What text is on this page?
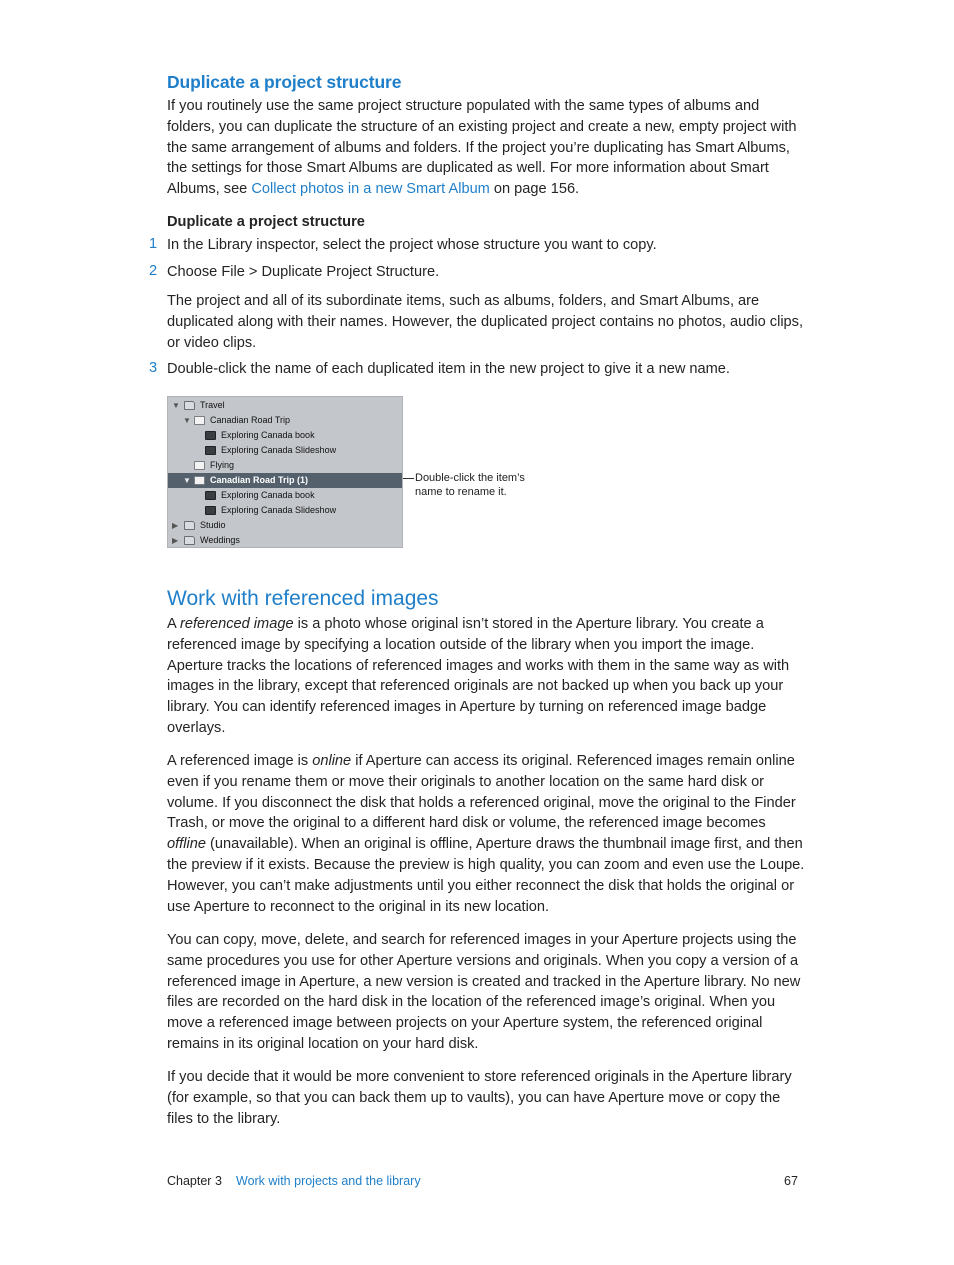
Duplicate a project structure
If you routinely use the same project structure populated with the same types of albums and folders, you can duplicate the structure of an existing project and create a new, empty project with the same arrangement of albums and folders. If the project you’re duplicating has Smart Albums, the settings for those Smart Albums are duplicated as well. For more information about Smart Albums, see Collect photos in a new Smart Album on page 156.
Duplicate a project structure
1 In the Library inspector, select the project whose structure you want to copy.
2 Choose File > Duplicate Project Structure.
The project and all of its subordinate items, such as albums, folders, and Smart Albums, are duplicated along with their names. However, the duplicated project contains no photos, audio clips, or video clips.
3 Double-click the name of each duplicated item in the new project to give it a new name.
▼ Travel
▼ Canadian Road Trip
Exploring Canada book
Exploring Canada Slideshow
Flying
▼ Canadian Road Trip (1)
Exploring Canada book
Exploring Canada Slideshow
▶ Studio
▶ Weddings
Double-click the item’s name to rename it.
Work with referenced images
A referenced image is a photo whose original isn’t stored in the Aperture library. You create a referenced image by specifying a location outside of the library when you import the image. Aperture tracks the locations of referenced images and works with them in the same way as with images in the library, except that referenced originals are not backed up when you back up your library. You can identify referenced images in Aperture by turning on referenced image badge overlays.
A referenced image is online if Aperture can access its original. Referenced images remain online even if you rename them or move their originals to another location on the same hard disk or volume. If you disconnect the disk that holds a referenced original, move the original to the Finder Trash, or move the original to a different hard disk or volume, the referenced image becomes offline (unavailable). When an original is offline, Aperture draws the thumbnail image first, and then the preview if it exists. Because the preview is high quality, you can zoom and even use the Loupe. However, you can’t make adjustments until you either reconnect the disk that holds the original or use Aperture to reconnect to the original in its new location.
You can copy, move, delete, and search for referenced images in your Aperture projects using the same procedures you use for other Aperture versions and originals. When you copy a version of a referenced image in Aperture, a new version is created and tracked in the Aperture library. No new files are recorded on the hard disk in the location of the referenced image’s original. When you move a referenced image between projects on your Aperture system, the referenced original remains in its original location on your hard disk.
If you decide that it would be more convenient to store referenced originals in the Aperture library (for example, so that you can back them up to vaults), you can have Aperture move or copy the files to the library.
Chapter 3 Work with projects and the library	67
